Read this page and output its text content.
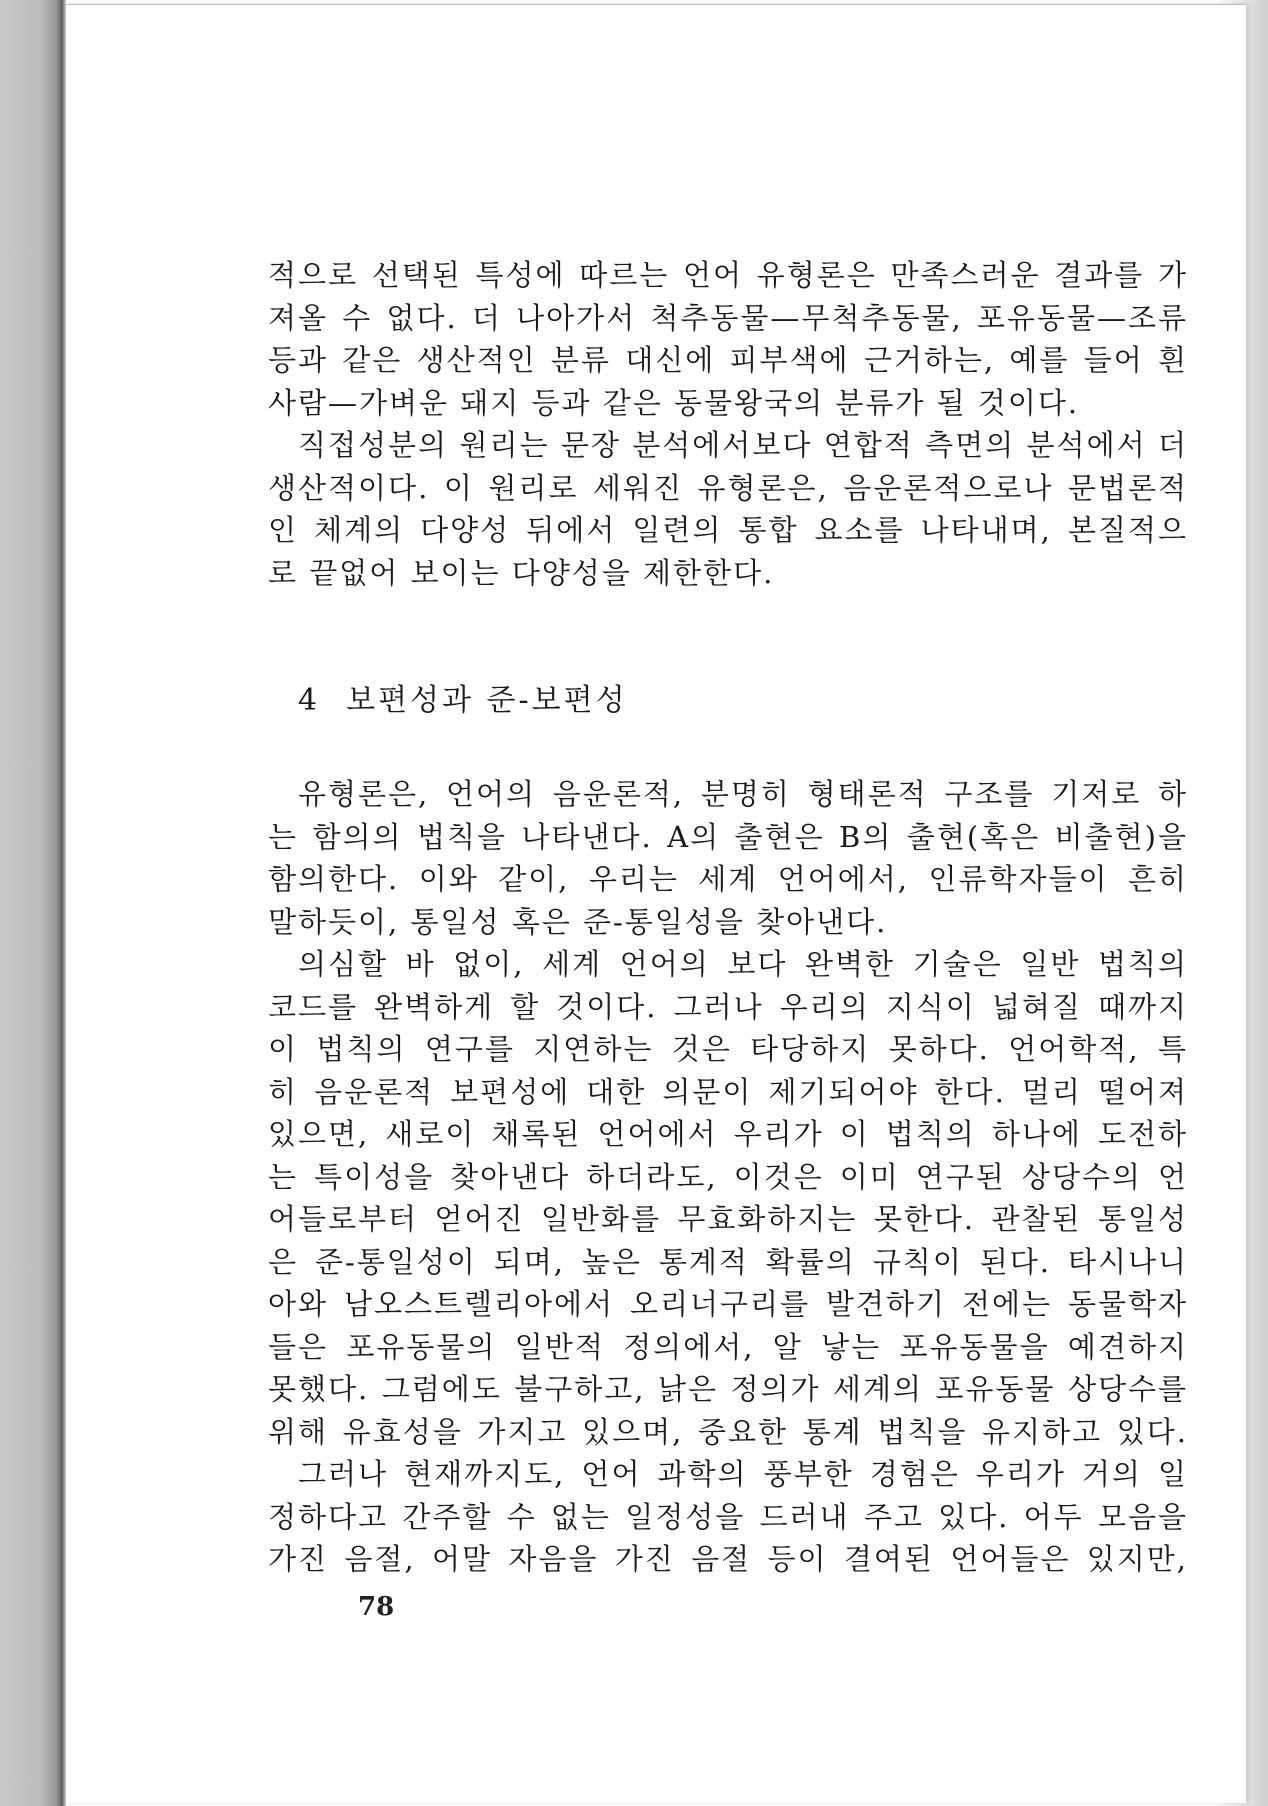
적으로 선택된 특성에 따르는 언어 유형론은 만족스러운 결과를 가
져올 수 없다. 더 나아가서 척추동물—무척추동물, 포유동물—조류
등과 같은 생산적인 분류 대신에 피부색에 근거하는, 예를 들어 흰
사람—가벼운 돼지 등과 같은 동물왕국의 분류가 될 것이다.
직접성분의 원리는 문장 분석에서보다 연합적 측면의 분석에서 더
생산적이다. 이 원리로 세워진 유형론은, 음운론적으로나 문법론적
인 체계의 다양성 뒤에서 일련의 통합 요소를 나타내며, 본질적으
로 끝없어 보이는 다양성을 제한한다.
4 보편성과 준-보편성
유형론은, 언어의 음운론적, 분명히 형태론적 구조를 기저로 하
는 함의의 법칙을 나타낸다. A의 출현은 B의 출현(혹은 비출현)을
함의한다. 이와 같이, 우리는 세계 언어에서, 인류학자들이 흔히
말하듯이, 통일성 혹은 준-통일성을 찾아낸다.
의심할 바 없이, 세계 언어의 보다 완벽한 기술은 일반 법칙의
코드를 완벽하게 할 것이다. 그러나 우리의 지식이 넓혀질 때까지
이 법칙의 연구를 지연하는 것은 타당하지 못하다. 언어학적, 특
히 음운론적 보편성에 대한 의문이 제기되어야 한다. 멀리 떨어져
있으면, 새로이 채록된 언어에서 우리가 이 법칙의 하나에 도전하
는 특이성을 찾아낸다 하더라도, 이것은 이미 연구된 상당수의 언
어들로부터 얻어진 일반화를 무효화하지는 못한다. 관찰된 통일성
은 준-통일성이 되며, 높은 통계적 확률의 규칙이 된다. 타시나니
아와 남오스트렐리아에서 오리너구리를 발견하기 전에는 동물학자
들은 포유동물의 일반적 정의에서, 알 낳는 포유동물을 예견하지
못했다. 그럼에도 불구하고, 낡은 정의가 세계의 포유동물 상당수를
위해 유효성을 가지고 있으며, 중요한 통계 법칙을 유지하고 있다.
그러나 현재까지도, 언어 과학의 풍부한 경험은 우리가 거의 일
정하다고 간주할 수 없는 일정성을 드러내 주고 있다. 어두 모음을
가진 음절, 어말 자음을 가진 음절 등이 결여된 언어들은 있지만,
78
